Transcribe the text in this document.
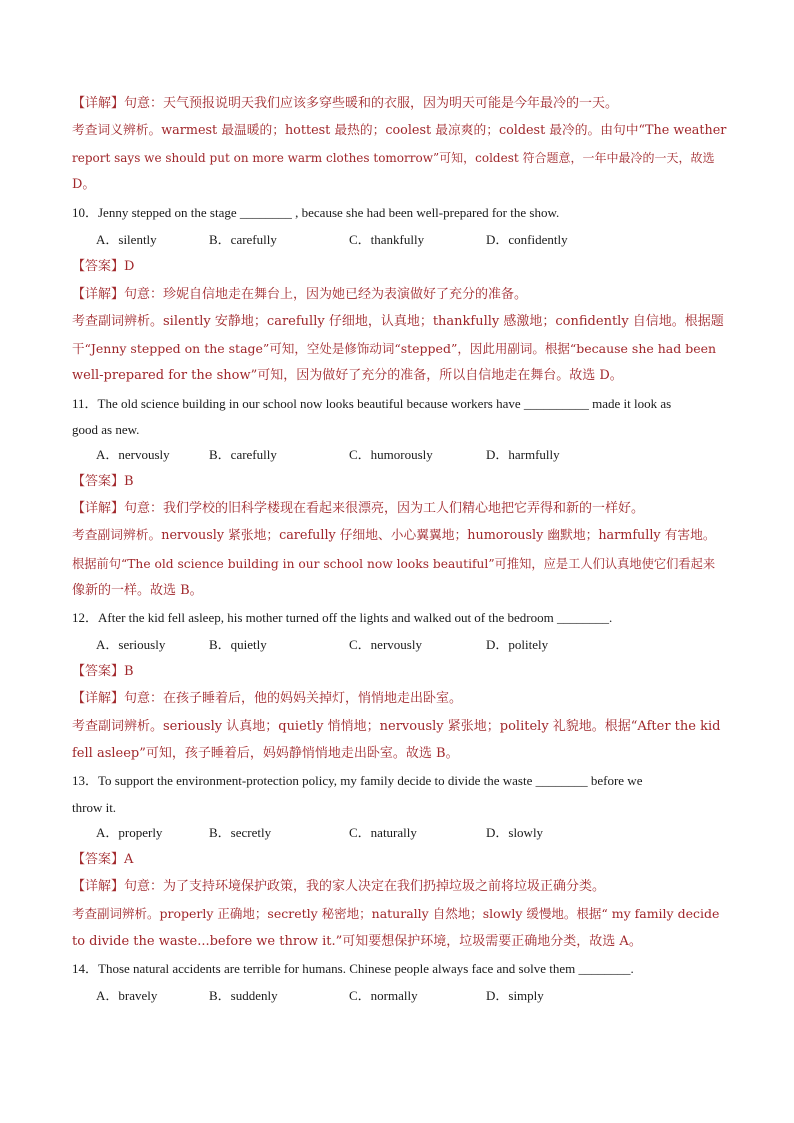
【详解】句意：天气预报说明天我们应该多穿些暖和的衣服，因为明天可能是今年最冷的一天。
考查词义辨析。warmest 最温暖的；hottest 最热的；coolest 最凉爽的；coldest 最冷的。由句中“The weather
report says we should put on more warm clothes tomorrow”可知，coldest 符合题意，一年中最冷的一天，故选
D。
10．Jenny stepped on the stage ________ , because she had been well-prepared for the show.
A．silently	B．carefully	C．thankfully	D．confidently
【答案】D
【详解】句意：珍妮自信地走在舞台上，因为她已经为表演做好了充分的准备。
考查副词辨析。silently 安静地；carefully 仔细地，认真地；thankfully 感激地；confidently 自信地。根据题
干“Jenny stepped on the stage”可知，空处是修饰动词“stepped”，因此用副词。根据“because she had been
well-prepared for the show”可知，因为做好了充分的准备，所以自信地走在舞台。故选 D。
11．The old science building in our school now looks beautiful because workers have __________ made it look as
good as new.
A．nervously	B．carefully	C．humorously	D．harmfully
【答案】B
【详解】句意：我们学校的旧科学楼现在看起来很漂亮，因为工人们精心地把它弄得和新的一样好。
考查副词辨析。nervously 紧张地；carefully 仔细地、小心翼翼地；humorously 幽默地；harmfully 有害地。
根据前句“The old science building in our school now looks beautiful”可推知，应是工人们认真地使它们看起来
像新的一样。故选 B。
12．After the kid fell asleep, his mother turned off the lights and walked out of the bedroom ________.
A．seriously	B．quietly	C．nervously	D．politely
【答案】B
【详解】句意：在孩子睡着后，他的妈妈关掉灯，悄悄地走出卧室。
考查副词辨析。seriously 认真地；quietly 悄悄地；nervously 紧张地；politely 礼貌地。根据“After the kid
fell asleep”可知，孩子睡着后，妈妈静悄悄地走出卧室。故选 B。
13．To support the environment-protection policy, my family decide to divide the waste ________ before we
throw it.
A．properly	B．secretly	C．naturally	D．slowly
【答案】A
【详解】句意：为了支持环境保护政策，我的家人决定在我们扔掉垃圾之前将垃圾正确分类。
考查副词辨析。properly 正确地；secretly 秘密地；naturally 自然地；slowly 缓慢地。根据“ my family decide
to divide the waste...before we throw it.”可知要想保护环境，垃圾需要正确地分类，故选 A。
14．Those natural accidents are terrible for humans. Chinese people always face and solve them ________.
A．bravely	B．suddenly	C．normally	D．simply
